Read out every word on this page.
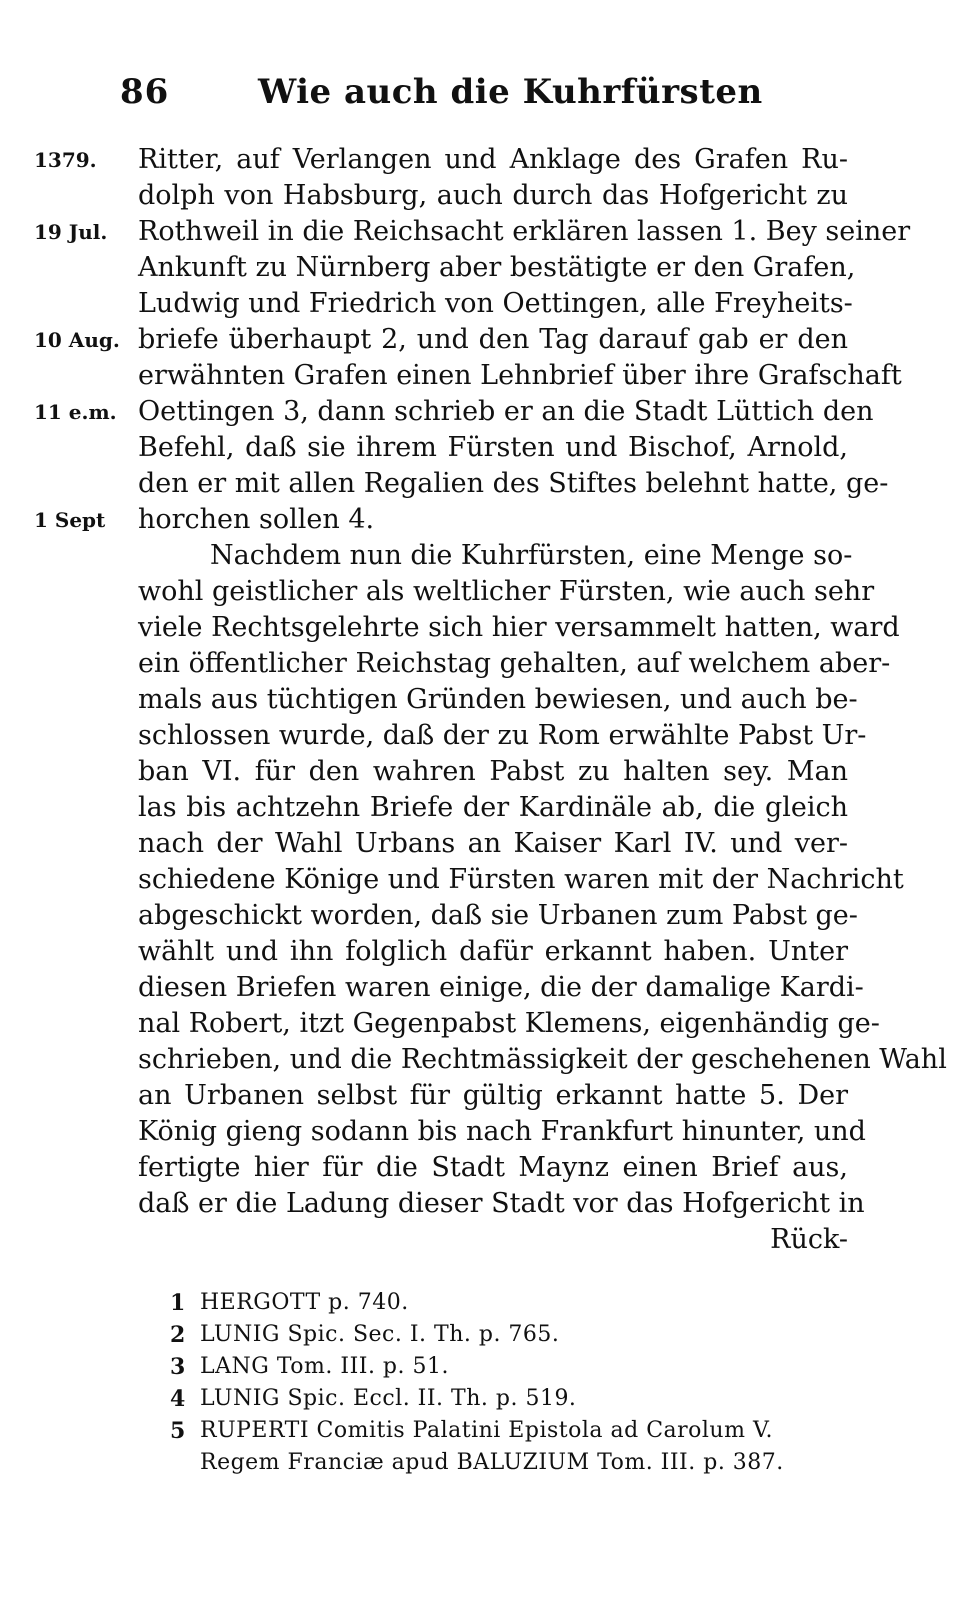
86	Wie auch die Kuhrfürsten
1379.	Ritter, auf Verlangen und Anklage des Grafen Ru-
dolph von Habsburg, auch durch das Hofgericht zu
19 Jul.	Rothweil in die Reichsacht erklären lassen 1. Bey seiner
Ankunft zu Nürnberg aber bestätigte er den Grafen,
Ludwig und Friedrich von Oettingen, alle Freyheits-
10 Aug. briefe überhaupt 2, und den Tag darauf gab er den
erwähnten Grafen einen Lehnbrief über ihre Grafschaft
11 e.m. Oettingen 3, dann schrieb er an die Stadt Lüttich den
Befehl, daß sie ihrem Fürsten und Bischof, Arnold,
den er mit allen Regalien des Stiftes belehnt hatte, ge-
1 Sept	horchen sollen 4.
Nachdem nun die Kuhrfürsten, eine Menge so-
wohl geistlicher als weltlicher Fürsten, wie auch sehr
viele Rechtsgelehrte sich hier versammelt hatten, ward
ein öffentlicher Reichstag gehalten, auf welchem aber-
mals aus tüchtigen Gründen bewiesen, und auch be-
schlossen wurde, daß der zu Rom erwählte Pabst Ur-
ban VI. für den wahren Pabst zu halten sey. Man
las bis achtzehn Briefe der Kardinäle ab, die gleich
nach der Wahl Urbans an Kaiser Karl IV. und ver-
schiedene Könige und Fürsten waren mit der Nachricht
abgeschickt worden, daß sie Urbanen zum Pabst ge-
wählt und ihn folglich dafür erkannt haben. Unter
diesen Briefen waren einige, die der damalige Kardi-
nal Robert, itzt Gegenpabst Klemens, eigenhändig ge-
schrieben, und die Rechtmässigkeit der geschehenen Wahl
an Urbanen selbst für gültig erkannt hatte 5. Der
König gieng sodann bis nach Frankfurt hinunter, und
fertigte hier für die Stadt Maynz einen Brief aus,
daß er die Ladung dieser Stadt vor das Hofgericht in
Rück-
1 HERGOTT p. 740.
2 LUNIG Spic. Sec. I. Th. p. 765.
3 LANG Tom. III. p. 51.
4 LUNIG Spic. Eccl. II. Th. p. 519.
5 RUPERTI Comitis Palatini Epistola ad Carolum V.
Regem Franciæ apud BALUZIUM Tom. III. p. 387.
